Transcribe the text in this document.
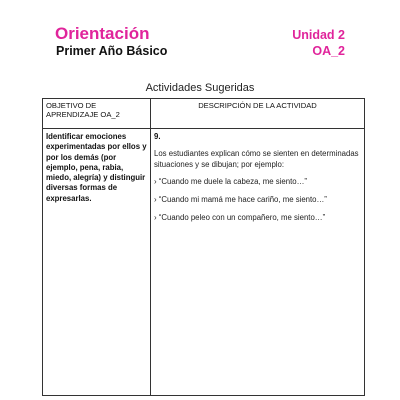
Orientación
Primer Año Básico
Unidad 2
OA_2
Actividades Sugeridas
OBJETIVO DE APRENDIZAJE OA_2	DESCRIPCIÓN DE LA ACTIVIDAD

Identificar emociones experimentadas por ellos y por los demás (por ejemplo, pena, rabia, miedo, alegría) y distinguir diversas formas de expresarlas.	9.
Los estudiantes explican cómo se sienten en determinadas situaciones y se dibujan; por ejemplo:
› “Cuando me duele la cabeza, me siento…”
› “Cuando mi mamá me hace cariño, me siento…”
› “Cuando peleo con un compañero, me siento…”
